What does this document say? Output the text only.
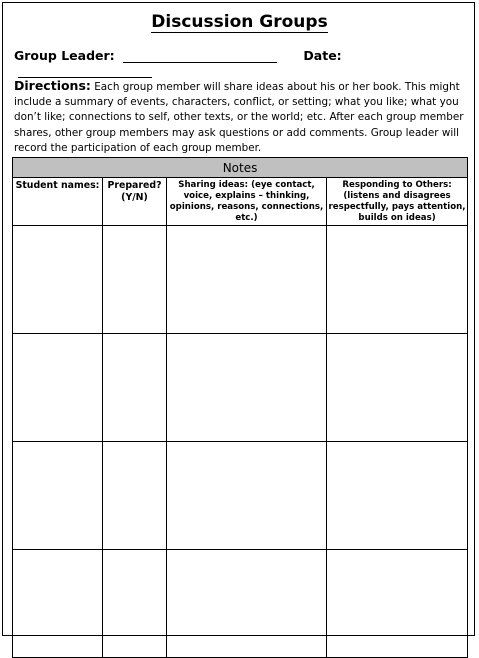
Discussion Groups
Group Leader:	Date:
Directions: Each group member will share ideas about his or her book. This might include a summary of events, characters, conflict, or setting; what you like; what you don’t like; connections to self, other texts, or the world; etc. After each group member shares, other group members may ask questions or add comments. Group leader will record the participation of each group member.
Notes			
Student names:	Prepared? (Y/N)	Sharing ideas: (eye contact, voice, explains – thinking, opinions, reasons, connections, etc.)	Responding to Others: (listens and disagrees respectfully, pays attention, builds on ideas)
